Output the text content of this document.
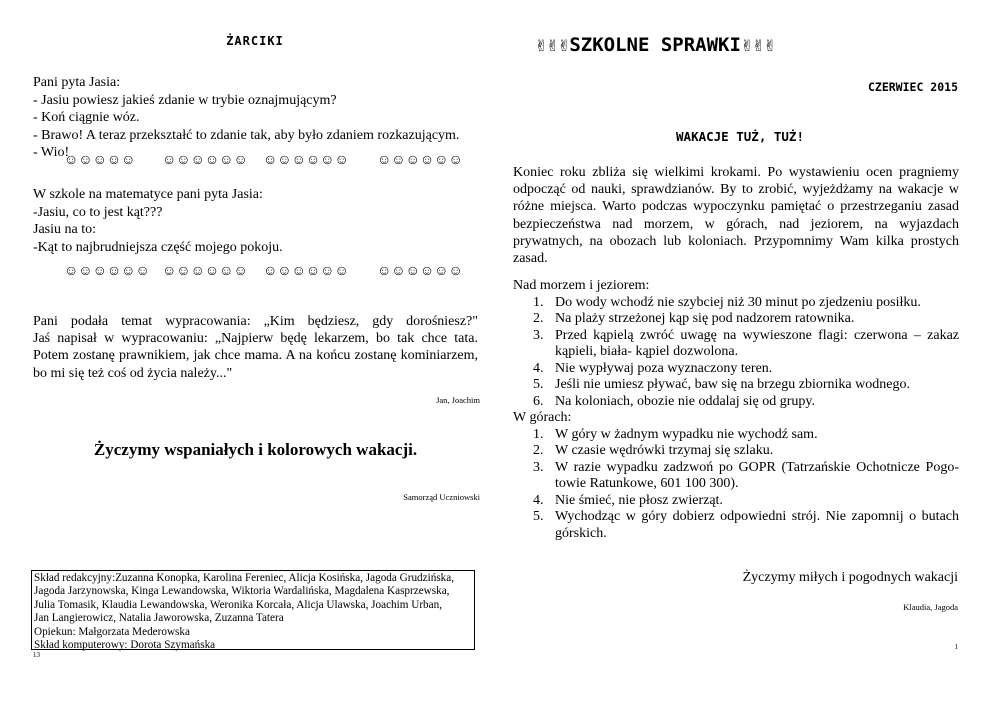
ŻARCIKI
Pani pyta Jasia:
- Jasiu powiesz jakieś zdanie w trybie oznajmującym?
- Koń ciągnie wóz.
- Brawo! A teraz przekształć to zdanie tak, aby było zdaniem rozkazującym.
- Wio!
☺☺☺☺☺ ☺☺☺☺☺☺ ☺☺☺☺☺☺ ☺☺☺☺☺☺
W szkole na matematyce pani pyta Jasia:
-Jasiu, co to jest kąt???
Jasiu na to:
-Kąt to najbrudniejsza część mojego pokoju.
☺☺☺☺☺☺ ☺☺☺☺☺☺ ☺☺☺☺☺☺ ☺☺☺☺☺☺
Pani podała temat wypracowania: „Kim będziesz, gdy dorośniesz?"
Jaś napisał w wypracowaniu: „Najpierw będę lekarzem, bo tak chce tata.
Potem zostanę prawnikiem, jak chce mama. A na końcu zostanę kominiarzem,
bo mi się też coś od życia należy..."
Jan, Joachim
Życzymy wspaniałych i kolorowych wakacji.
Samorząd Uczniowski
Skład redakcyjny:Zuzanna Konopka, Karolina Fereniec, Alicja Kosińska, Jagoda Grudzińska,
Jagoda Jarzynowska, Kinga Lewandowska, Wiktoria Wardalińska, Magdalena Kasprzewska,
Julia Tomasik, Klaudia Lewandowska, Weronika Korcała, Alicja Ulawska, Joachim Urban,
Jan Langierowicz, Natalia Jaworowska, Zuzanna Tatera
Opiekun: Małgorzata Mederowska
Skład komputerowy: Dorota Szymańska
13
✌✌✌SZKOLNE SPRAWKI✌✌✌
CZERWIEC 2015
WAKACJE TUŻ, TUŻ!
Koniec roku zbliża się wielkimi krokami. Po wystawieniu ocen pragniemy
odpocząć od nauki, sprawdzianów. By to zrobić, wyjeżdżamy na wakacje w
różne miejsca. Warto podczas wypoczynku pamiętać o przestrzeganiu zasad
bezpieczeństwa nad morzem, w górach, nad jeziorem, na wyjazdach
prywatnych, na obozach lub koloniach. Przypomnimy Wam kilka prostych
zasad.
Nad morzem i jeziorem:
1. Do wody wchodź nie szybciej niż 30 minut po zjedzeniu posiłku.
2. Na plaży strzeżonej kąp się pod nadzorem ratownika.
3. Przed kąpielą zwróć uwagę na wywieszone flagi: czerwona – zakaz
kąpieli, biała- kąpiel dozwolona.
4. Nie wypływaj poza wyznaczony teren.
5. Jeśli nie umiesz pływać, baw się na brzegu zbiornika wodnego.
6. Na koloniach, obozie nie oddalaj się od grupy.
W górach:
1. W góry w żadnym wypadku nie wychodź sam.
2. W czasie wędrówki trzymaj się szlaku.
3. W razie wypadku zadzwoń po GOPR (Tatrzańskie Ochotnicze Pogo-
towie Ratunkowe, 601 100 300).
4. Nie śmieć, nie płosz zwierząt.
5. Wychodząc w góry dobierz odpowiedni strój. Nie zapomnij o butach
górskich.
Życzymy miłych i pogodnych wakacji
Klaudia, Jagoda
1
